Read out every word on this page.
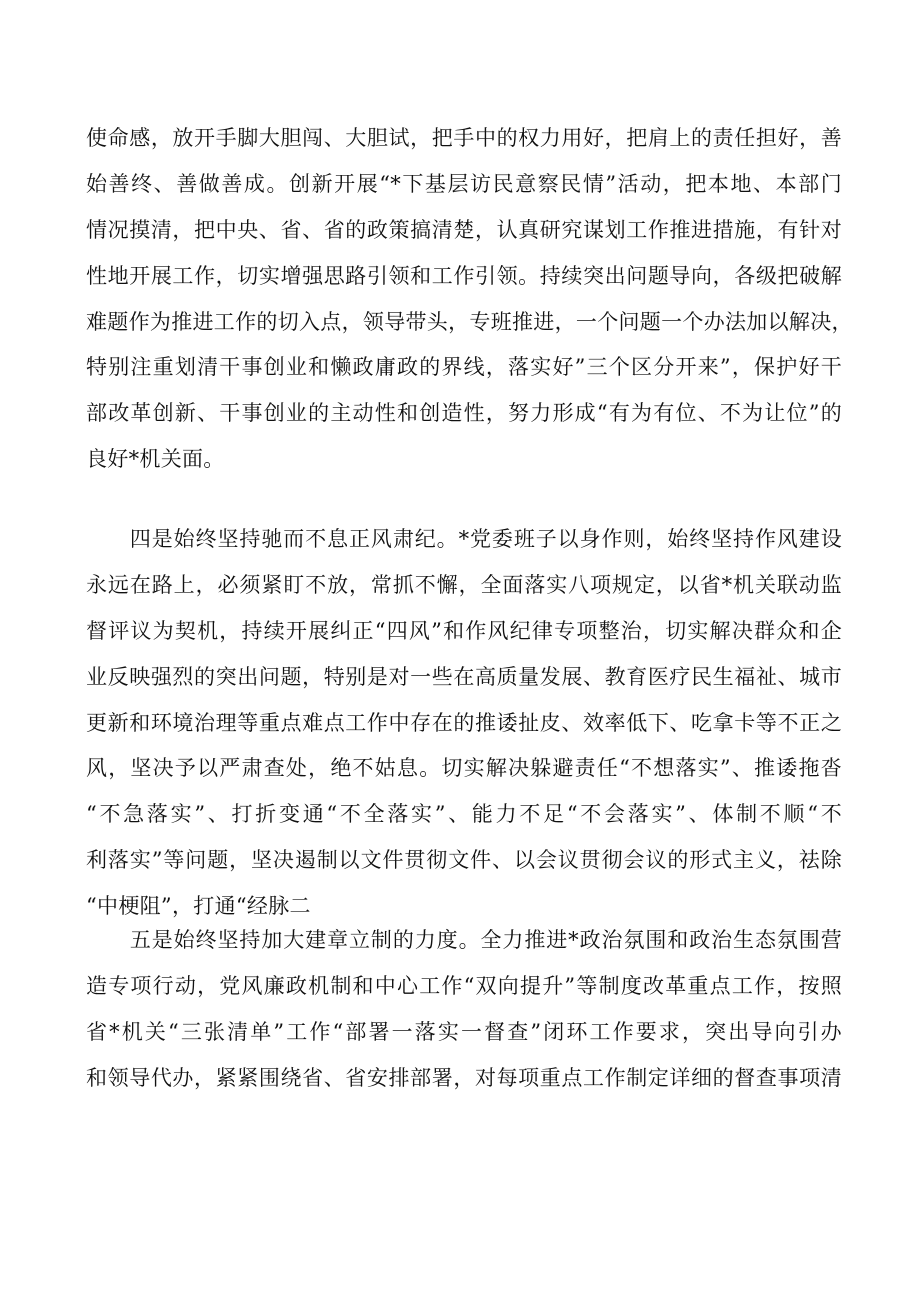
使命感，放开手脚大胆闯、大胆试，把手中的权力用好，把肩上的责任担好，善
始善终、善做善成。创新开展“*下基层访民意察民情”活动，把本地、本部门
情况摸清，把中央、省、省的政策搞清楚，认真研究谋划工作推进措施，有针对
性地开展工作，切实增强思路引领和工作引领。持续突出问题导向，各级把破解
难题作为推进工作的切入点，领导带头，专班推进，一个问题一个办法加以解决，
特别注重划清干事创业和懒政庸政的界线，落实好”三个区分开来”，保护好干
部改革创新、干事创业的主动性和创造性，努力形成“有为有位、不为让位”的
良好*机关面。
　　四是始终坚持驰而不息正风肃纪。*党委班子以身作则，始终坚持作风建设
永远在路上，必须紧盯不放，常抓不懈，全面落实八项规定，以省*机关联动监
督评议为契机，持续开展纠正“四风”和作风纪律专项整治，切实解决群众和企
业反映强烈的突出问题，特别是对一些在高质量发展、教育医疗民生福祉、城市
更新和环境治理等重点难点工作中存在的推诿扯皮、效率低下、吃拿卡等不正之
风，坚决予以严肃查处，绝不姑息。切实解决躲避责任“不想落实”、推诿拖沓
“不急落实”、打折变通“不全落实”、能力不足“不会落实”、体制不顺“不
利落实”等问题，坚决遏制以文件贯彻文件、以会议贯彻会议的形式主义，祛除
“中梗阻”，打通“经脉二
　　五是始终坚持加大建章立制的力度。全力推进*政治氛围和政治生态氛围营
造专项行动，党风廉政机制和中心工作“双向提升”等制度改革重点工作，按照
省*机关“三张清单”工作“部署一落实一督查”闭环工作要求，突出导向引办
和领导代办，紧紧围绕省、省安排部署，对每项重点工作制定详细的督查事项清
